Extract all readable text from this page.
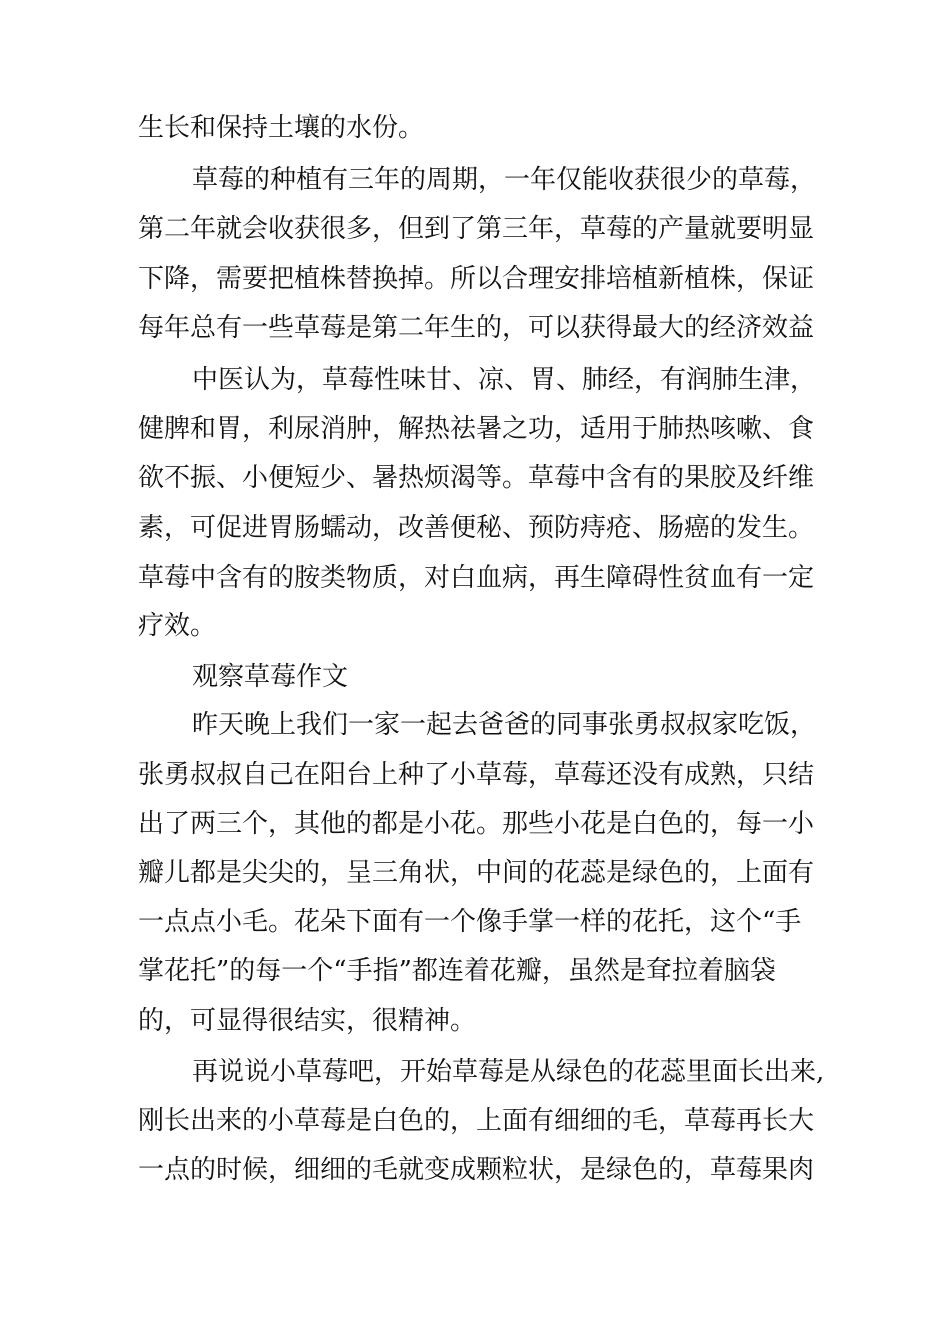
生长和保持土壤的水份。
草莓的种植有三年的周期，一年仅能收获很少的草莓，
第二年就会收获很多，但到了第三年，草莓的产量就要明显
下降，需要把植株替换掉。所以合理安排培植新植株，保证
每年总有一些草莓是第二年生的，可以获得最大的经济效益
中医认为，草莓性味甘、凉、胃、肺经，有润肺生津，
健脾和胃，利尿消肿，解热祛暑之功，适用于肺热咳嗽、食
欲不振、小便短少、暑热烦渴等。草莓中含有的果胶及纤维
素，可促进胃肠蠕动，改善便秘、预防痔疮、肠癌的发生。
草莓中含有的胺类物质，对白血病，再生障碍性贫血有一定
疗效。
观察草莓作文
昨天晚上我们一家一起去爸爸的同事张勇叔叔家吃饭，
张勇叔叔自己在阳台上种了小草莓，草莓还没有成熟，只结
出了两三个，其他的都是小花。那些小花是白色的，每一小
瓣儿都是尖尖的，呈三角状，中间的花蕊是绿色的，上面有
一点点小毛。花朵下面有一个像手掌一样的花托，这个“手
掌花托”的每一个“手指”都连着花瓣，虽然是耷拉着脑袋
的，可显得很结实，很精神。
再说说小草莓吧，开始草莓是从绿色的花蕊里面长出来,
刚长出来的小草莓是白色的，上面有细细的毛，草莓再长大
一点的时候，细细的毛就变成颗粒状，是绿色的，草莓果肉
